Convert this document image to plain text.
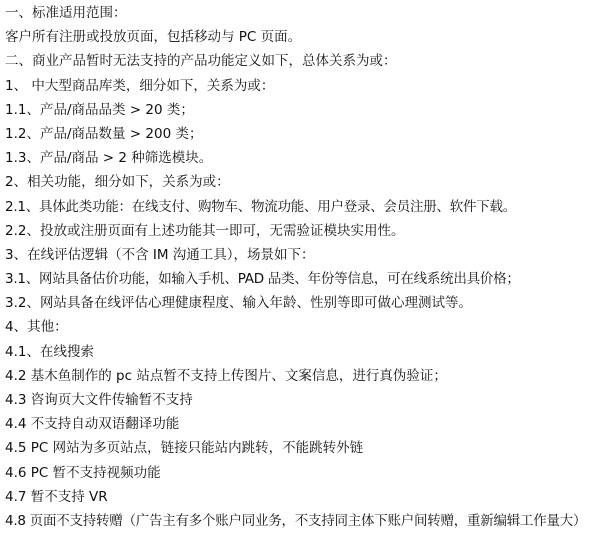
一、标准适用范围：
客户所有注册或投放页面，包括移动与 PC 页面。
二、商业产品暂时无法支持的产品功能定义如下，总体关系为或：
1、 中大型商品库类，细分如下，关系为或：
1.1、产品/商品品类 > 20 类；
1.2、产品/商品数量 > 200 类；
1.3、产品/商品 > 2 种筛选模块。
2、相关功能，细分如下，关系为或：
2.1、具体此类功能：在线支付、购物车、物流功能、用户登录、会员注册、软件下载。
2.2、投放或注册页面有上述功能其一即可，无需验证模块实用性。
3、在线评估逻辑（不含 IM 沟通工具），场景如下：
3.1、网站具备估价功能，如输入手机、PAD 品类、年份等信息，可在线系统出具价格；
3.2、网站具备在线评估心理健康程度、输入年龄、性别等即可做心理测试等。
4、其他：
4.1、在线搜索
4.2 基木鱼制作的 pc 站点暂不支持上传图片、文案信息，进行真伪验证；
4.3 咨询页大文件传输暂不支持
4.4 不支持自动双语翻译功能
4.5 PC 网站为多页站点，链接只能站内跳转，不能跳转外链
4.6 PC 暂不支持视频功能
4.7 暂不支持 VR
4.8 页面不支持转赠（广告主有多个账户同业务，不支持同主体下账户间转赠，重新编辑工作量大）
